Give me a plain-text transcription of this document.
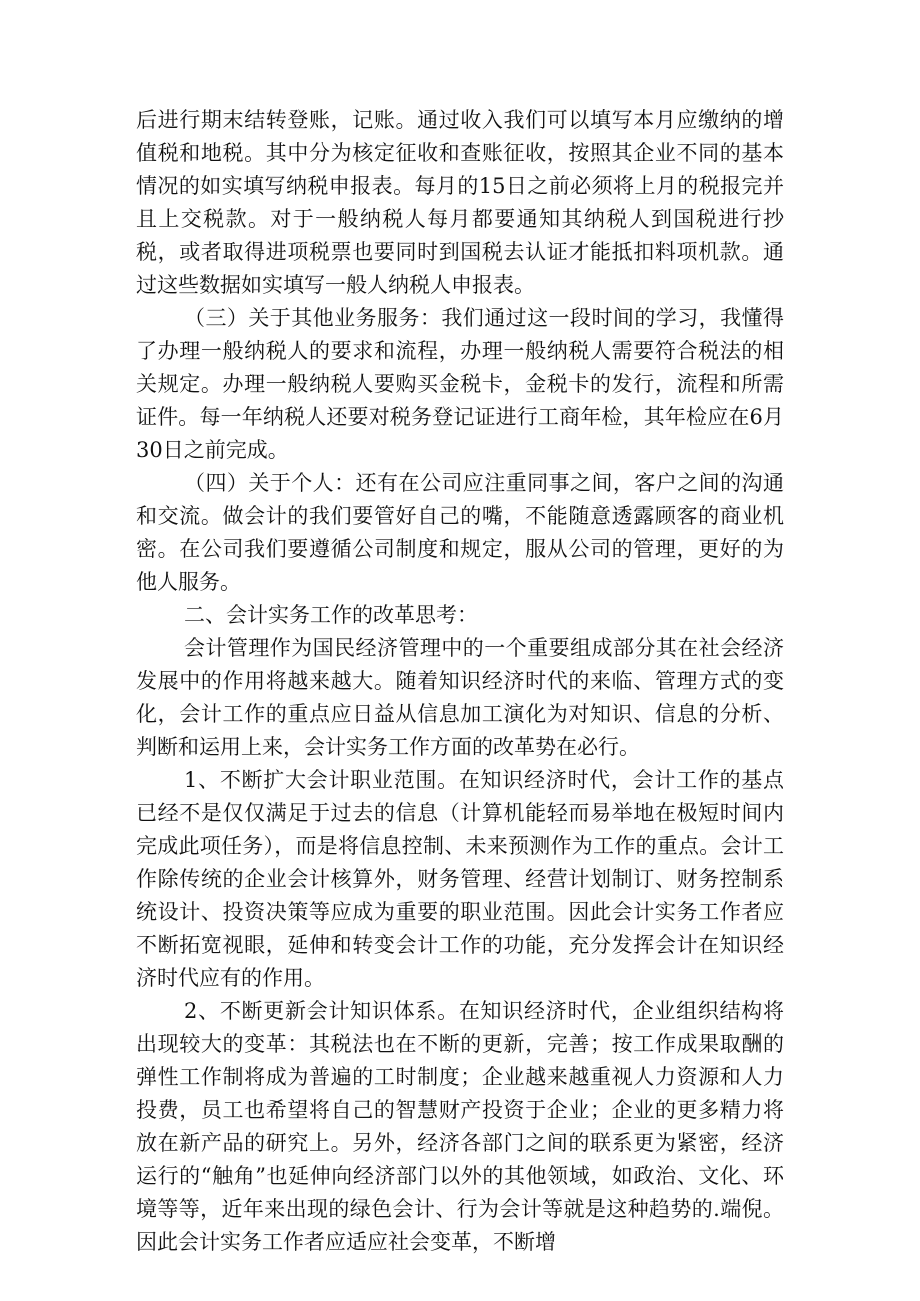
后进行期末结转登账，记账。通过收入我们可以填写本月应缴纳的增值税和地税。其中分为核定征收和查账征收，按照其企业不同的基本情况的如实填写纳税申报表。每月的15日之前必须将上月的税报完并且上交税款。对于一般纳税人每月都要通知其纳税人到国税进行抄税，或者取得进项税票也要同时到国税去认证才能抵扣料项机款。通过这些数据如实填写一般人纳税人申报表。

（三）关于其他业务服务：我们通过这一段时间的学习，我懂得了办理一般纳税人的要求和流程，办理一般纳税人需要符合税法的相关规定。办理一般纳税人要购买金税卡，金税卡的发行，流程和所需证件。每一年纳税人还要对税务登记证进行工商年检，其年检应在6月30日之前完成。

（四）关于个人：还有在公司应注重同事之间，客户之间的沟通和交流。做会计的我们要管好自己的嘴，不能随意透露顾客的商业机密。在公司我们要遵循公司制度和规定，服从公司的管理，更好的为他人服务。

二、会计实务工作的改革思考：

会计管理作为国民经济管理中的一个重要组成部分其在社会经济发展中的作用将越来越大。随着知识经济时代的来临、管理方式的变化，会计工作的重点应日益从信息加工演化为对知识、信息的分析、判断和运用上来，会计实务工作方面的改革势在必行。

1、不断扩大会计职业范围。在知识经济时代，会计工作的基点已经不是仅仅满足于过去的信息（计算机能轻而易举地在极短时间内完成此项任务），而是将信息控制、未来预测作为工作的重点。会计工作除传统的企业会计核算外，财务管理、经营计划制订、财务控制系统设计、投资决策等应成为重要的职业范围。因此会计实务工作者应不断拓宽视眼，延伸和转变会计工作的功能，充分发挥会计在知识经济时代应有的作用。

2、不断更新会计知识体系。在知识经济时代，企业组织结构将出现较大的变革：其税法也在不断的更新，完善；按工作成果取酬的弹性工作制将成为普遍的工时制度；企业越来越重视人力资源和人力投费，员工也希望将自己的智慧财产投资于企业；企业的更多精力将放在新产品的研究上。另外，经济各部门之间的联系更为紧密，经济运行的“触角”也延伸向经济部门以外的其他领域，如政治、文化、环境等等，近年来出现的绿色会计、行为会计等就是这种趋势的.端倪。因此会计实务工作者应适应社会变革，不断增
